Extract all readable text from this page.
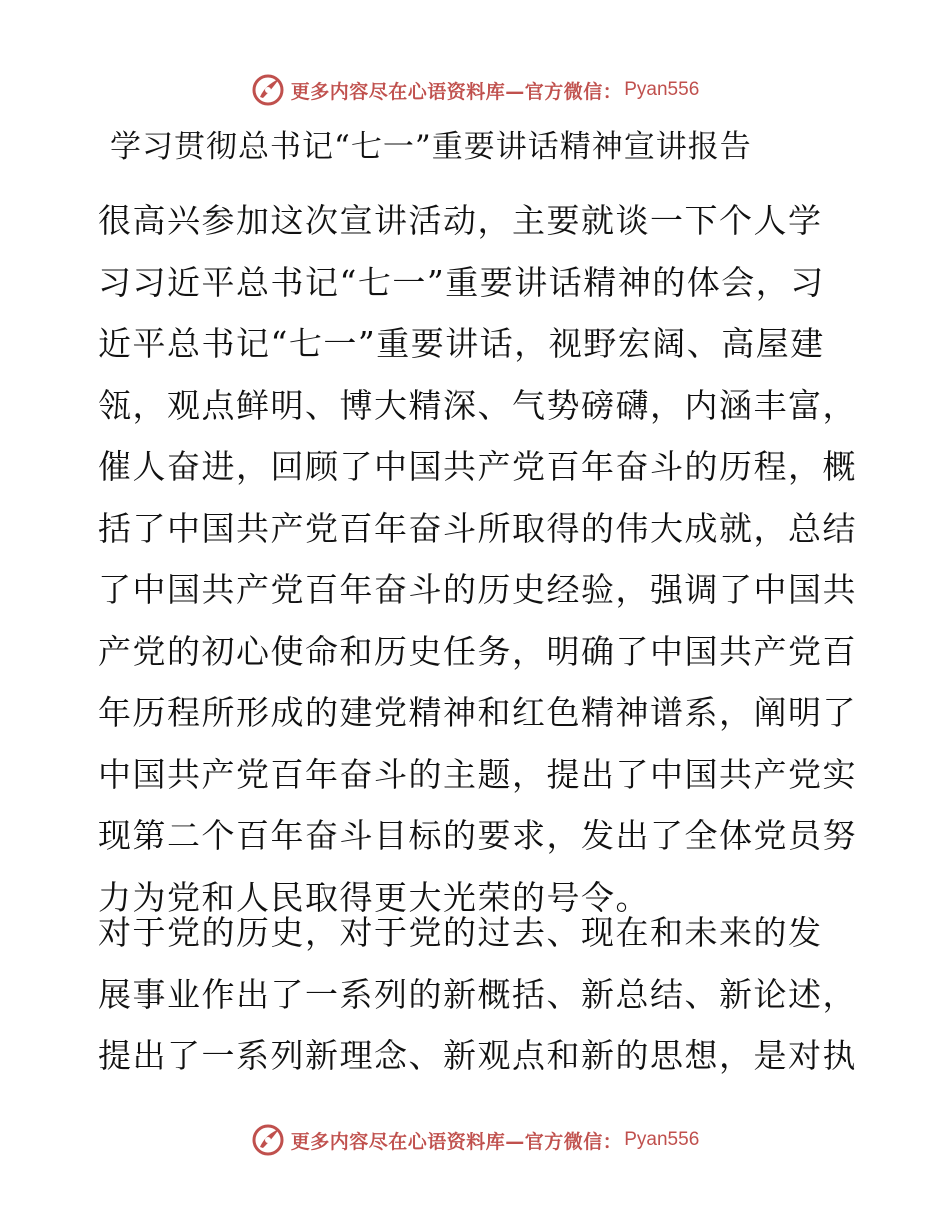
更多内容尽在心语资料库—官方微信： Pyan556
学习贯彻总书记“七一”重要讲话精神宣讲报告

很高兴参加这次宣讲活动，主要就谈一下个人学
习习近平总书记“七一”重要讲话精神的体会，习
近平总书记“七一”重要讲话，视野宏阔、高屋建
瓴，观点鲜明、博大精深、气势磅礴，内涵丰富，
催人奋进，回顾了中国共产党百年奋斗的历程，概
括了中国共产党百年奋斗所取得的伟大成就，总结
了中国共产党百年奋斗的历史经验，强调了中国共
产党的初心使命和历史任务，明确了中国共产党百
年历程所形成的建党精神和红色精神谱系，阐明了
中国共产党百年奋斗的主题，提出了中国共产党实
现第二个百年奋斗目标的要求，发出了全体党员努
力为党和人民取得更大光荣的号令。

对于党的历史，对于党的过去、现在和未来的发
展事业作出了一系列的新概括、新总结、新论述，
提出了一系列新理念、新观点和新的思想，是对执

更多内容尽在心语资料库—官方微信： Pyan556
